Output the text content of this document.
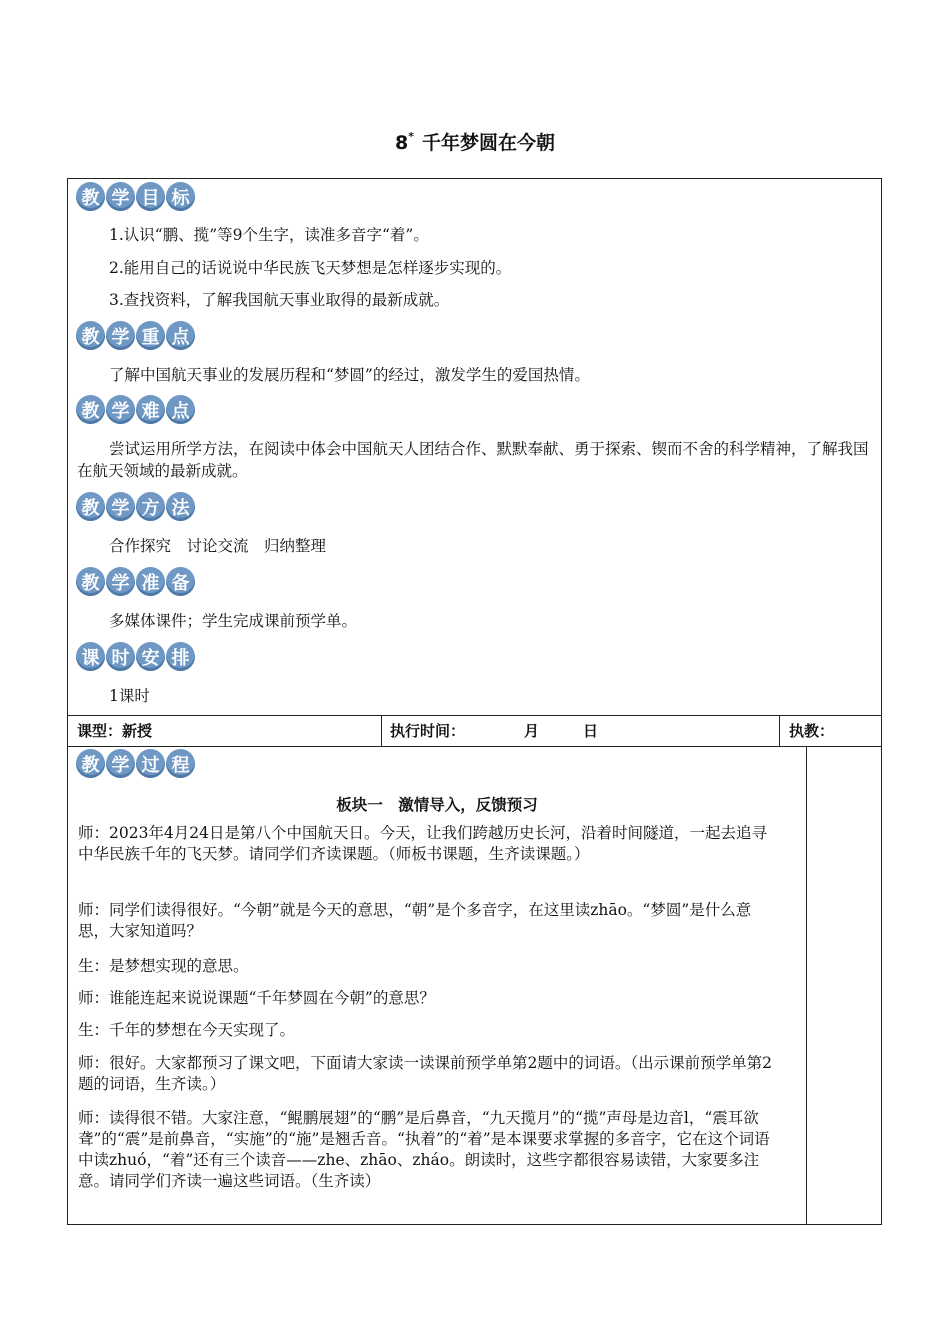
8* 千年梦圆在今朝
教 学 目 标
1.认识“鹏、揽”等9个生字，读准多音字“着”。
2.能用自己的话说说中华民族飞天梦想是怎样逐步实现的。
3.查找资料，了解我国航天事业取得的最新成就。
教 学 重 点
了解中国航天事业的发展历程和“梦圆”的经过，激发学生的爱国热情。
教 学 难 点
尝试运用所学方法，在阅读中体会中国航天人团结合作、默默奉献、勇于探索、锲而不舍的科学精神，了解我国在航天领域的最新成就。
教 学 方 法
合作探究　讨论交流　归纳整理
教 学 准 备
多媒体课件；学生完成课前预学单。
课 时 安 排
1课时
课型：新授	执行时间：	月	日	执教：
教 学 过 程
板块一　激情导入，反馈预习
师：2023年4月24日是第八个中国航天日。今天，让我们跨越历史长河，沿着时间隧道，一起去追寻中华民族千年的飞天梦。请同学们齐读课题。（师板书课题，生齐读课题。）
师：同学们读得很好。“今朝”就是今天的意思，“朝”是个多音字，在这里读zhāo。“梦圆”是什么意思，大家知道吗？
生：是梦想实现的意思。
师：谁能连起来说说课题“千年梦圆在今朝”的意思？
生：千年的梦想在今天实现了。
师：很好。大家都预习了课文吧，下面请大家读一读课前预学单第2题中的词语。（出示课前预学单第2题的词语，生齐读。）
师：读得很不错。大家注意，“鲲鹏展翅”的“鹏”是后鼻音，“九天揽月”的“揽”声母是边音l，“震耳欲聋”的“震”是前鼻音，“实施”的“施”是翘舌音。“执着”的“着”是本课要求掌握的多音字，它在这个词语中读zhuó，“着”还有三个读音——zhe、zhāo、zháo。朗读时，这些字都很容易读错，大家要多注意。请同学们齐读一遍这些词语。（生齐读）
